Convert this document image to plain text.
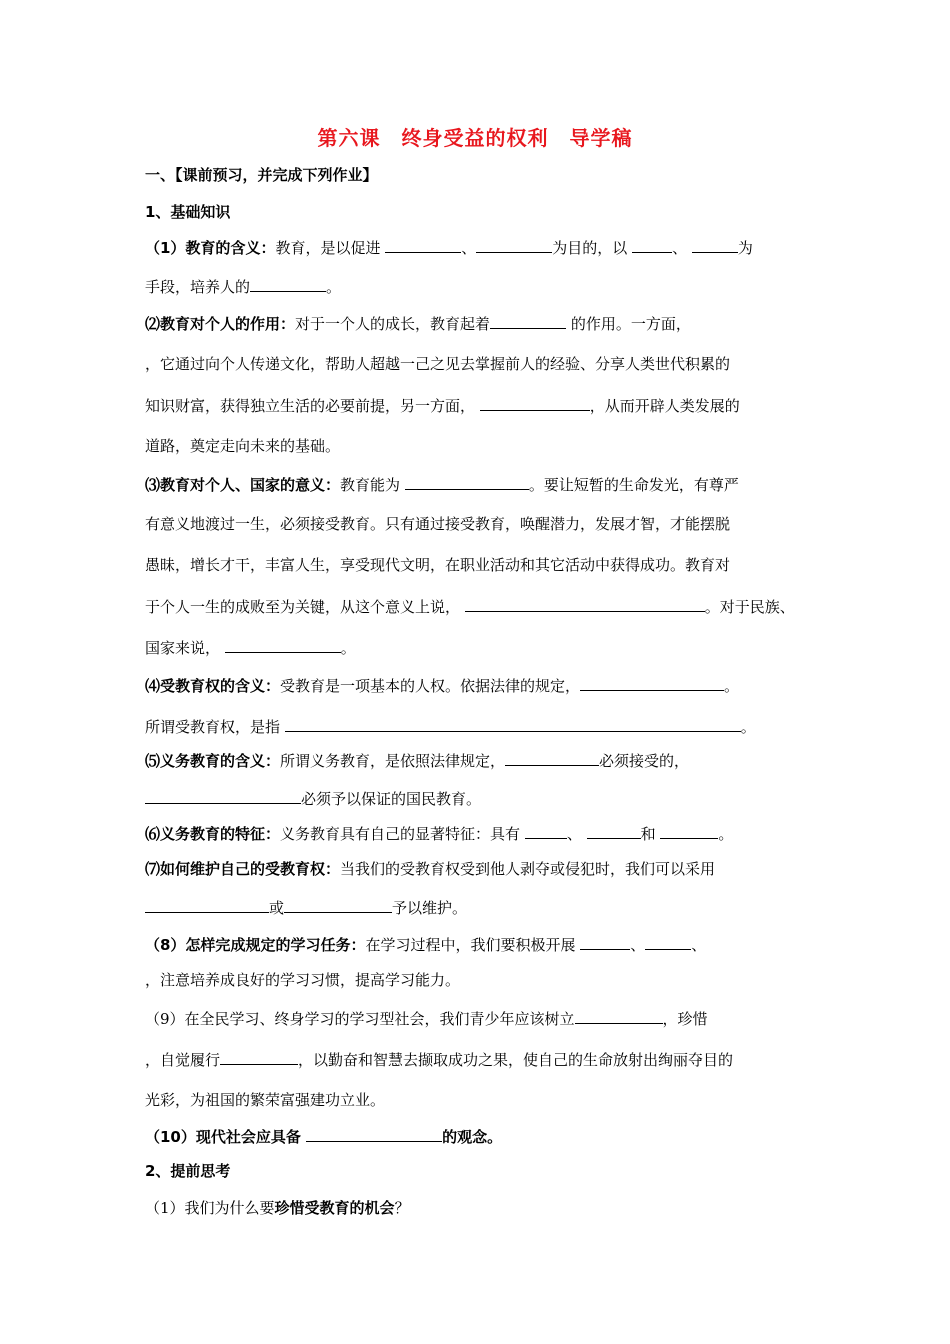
第六课　终身受益的权利　导学稿
一、【课前预习，并完成下列作业】
1、基础知识
（1）教育的含义：教育，是以促进	、	为目的，以	、	为
手段，培养人的	。
⑵教育对个人的作用：对于一个人的成长，教育起着	的作用。一方面，
，它通过向个人传递文化，帮助人超越一己之见去掌握前人的经验、分享人类世代积累的
知识财富，获得独立生活的必要前提，另一方面，	，从而开辟人类发展的
道路，奠定走向未来的基础。
⑶教育对个人、国家的意义：教育能为	。要让短暂的生命发光，有尊严
有意义地渡过一生，必须接受教育。只有通过接受教育，唤醒潜力，发展才智，才能摆脱
愚昧，增长才干，丰富人生，享受现代文明，在职业活动和其它活动中获得成功。教育对
于个人一生的成败至为关键，从这个意义上说，	。对于民族、
国家来说，	。
⑷受教育权的含义：受教育是一项基本的人权。依据法律的规定，	。
所谓受教育权，是指	。
⑸义务教育的含义：所谓义务教育，是依照法律规定，	必须接受的，
必须予以保证的国民教育。
⑹义务教育的特征：义务教育具有自己的显著特征：具有	、	和	。
⑺如何维护自己的受教育权：当我们的受教育权受到他人剥夺或侵犯时，我们可以采用
或	予以维护。
（8）怎样完成规定的学习任务：在学习过程中，我们要积极开展	、	、
，注意培养成良好的学习习惯，提高学习能力。
（9）在全民学习、终身学习的学习型社会，我们青少年应该树立	，珍惜
，自觉履行	，以勤奋和智慧去撷取成功之果，使自己的生命放射出绚丽夺目的
光彩，为祖国的繁荣富强建功立业。
（10）现代社会应具备	的观念。
2、提前思考
（1）我们为什么要珍惜受教育的机会？
